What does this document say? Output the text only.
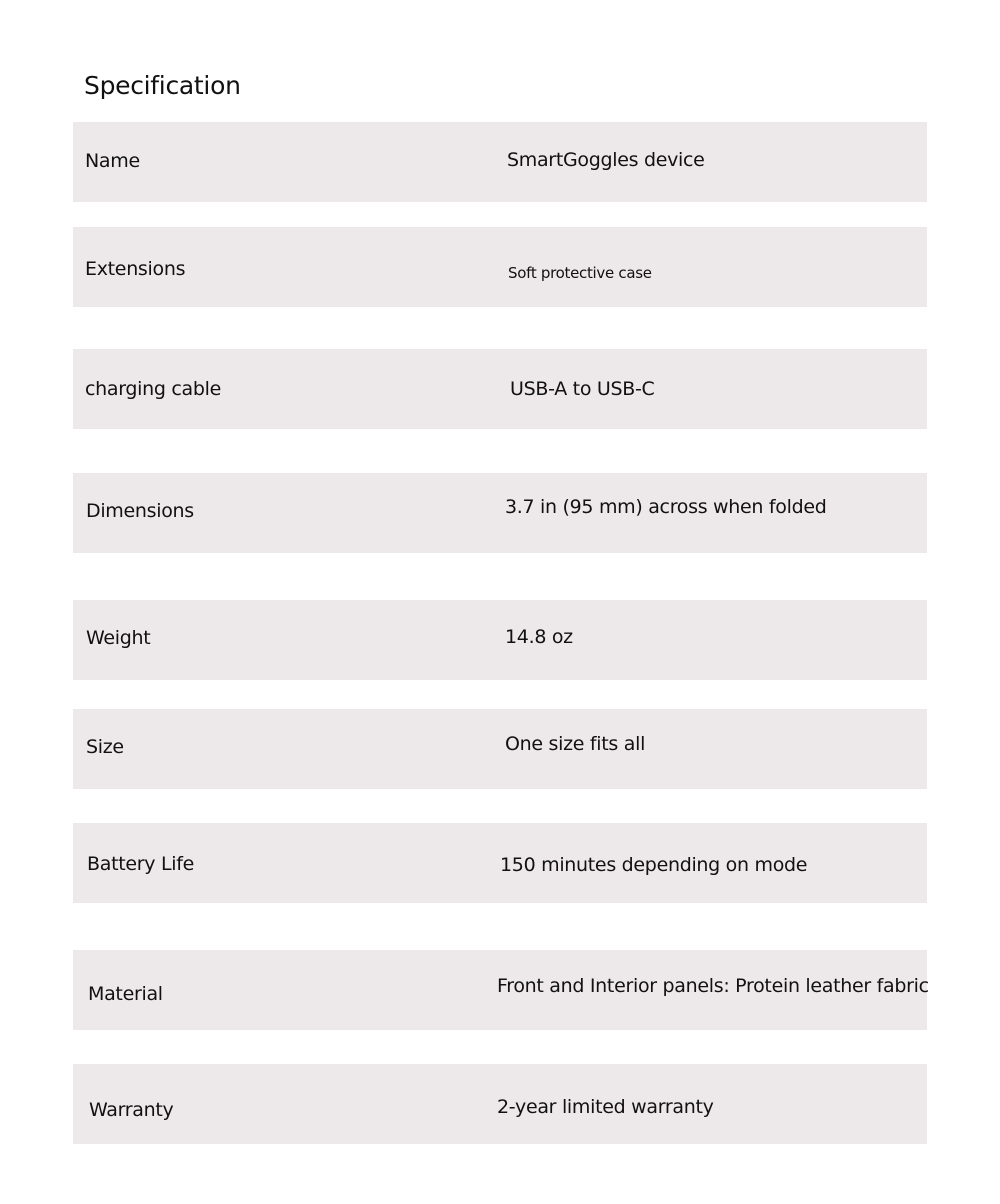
Specification
Name	SmartGoggles device
Extensions	Soft protective case
charging cable	USB-A to USB-C
Dimensions	3.7 in (95 mm) across when folded
Weight	14.8 oz
Size	One size fits all
Battery Life	150 minutes depending on mode
Material	Front and Interior panels: Protein leather fabric
Warranty	2-year limited warranty
